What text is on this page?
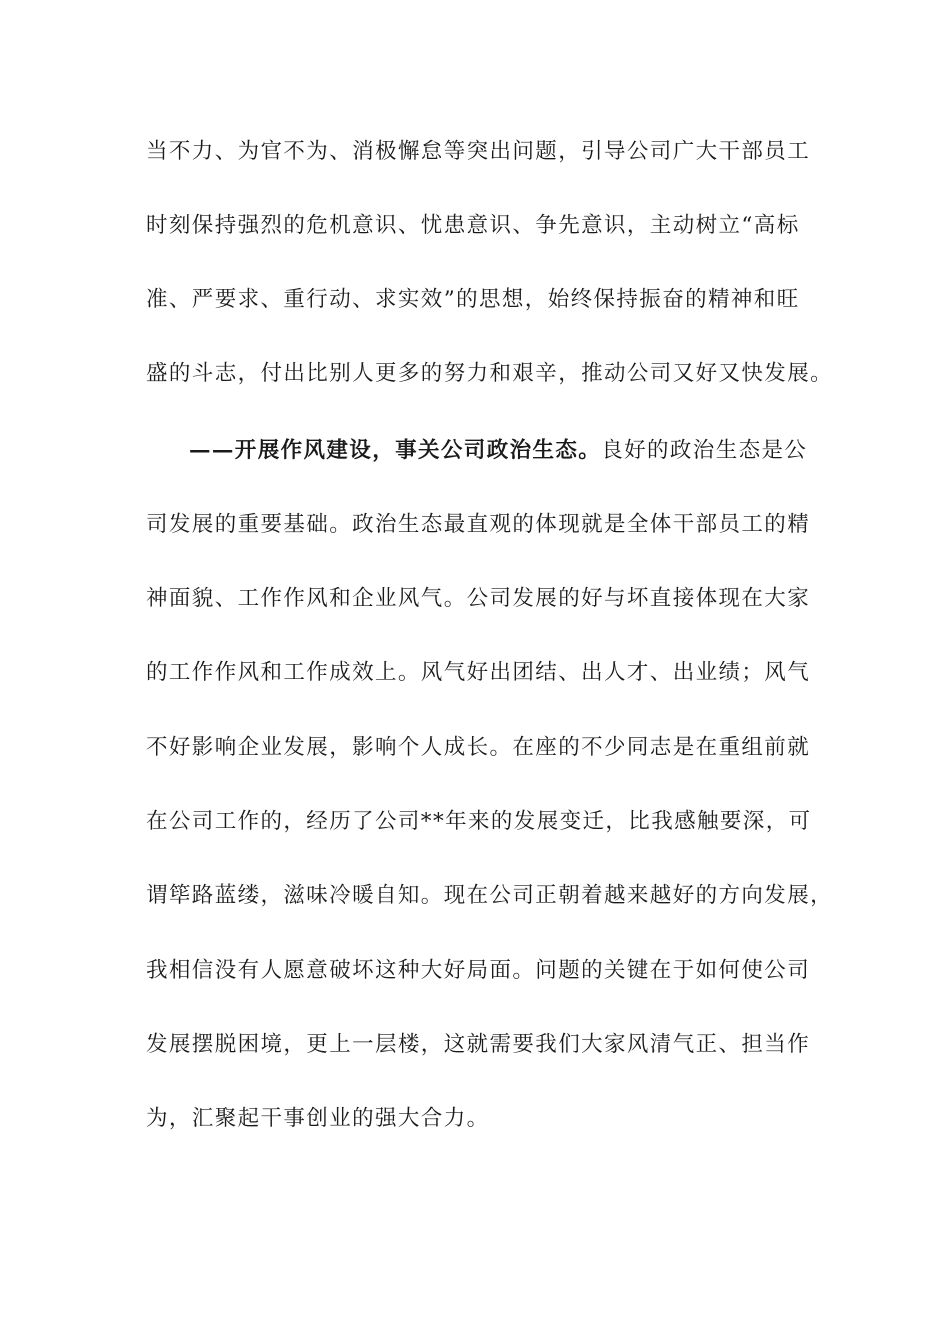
当不力、为官不为、消极懈怠等突出问题，引导公司广大干部员工
时刻保持强烈的危机意识、忧患意识、争先意识，主动树立“高标
准、严要求、重行动、求实效”的思想，始终保持振奋的精神和旺
盛的斗志，付出比别人更多的努力和艰辛，推动公司又好又快发展。
——开展作风建设，事关公司政治生态。良好的政治生态是公
司发展的重要基础。政治生态最直观的体现就是全体干部员工的精
神面貌、工作作风和企业风气。公司发展的好与坏直接体现在大家
的工作作风和工作成效上。风气好出团结、出人才、出业绩；风气
不好影响企业发展，影响个人成长。在座的不少同志是在重组前就
在公司工作的，经历了公司**年来的发展变迁，比我感触要深，可
谓筚路蓝缕，滋味冷暖自知。现在公司正朝着越来越好的方向发展，
我相信没有人愿意破坏这种大好局面。问题的关键在于如何使公司
发展摆脱困境，更上一层楼，这就需要我们大家风清气正、担当作
为，汇聚起干事创业的强大合力。
